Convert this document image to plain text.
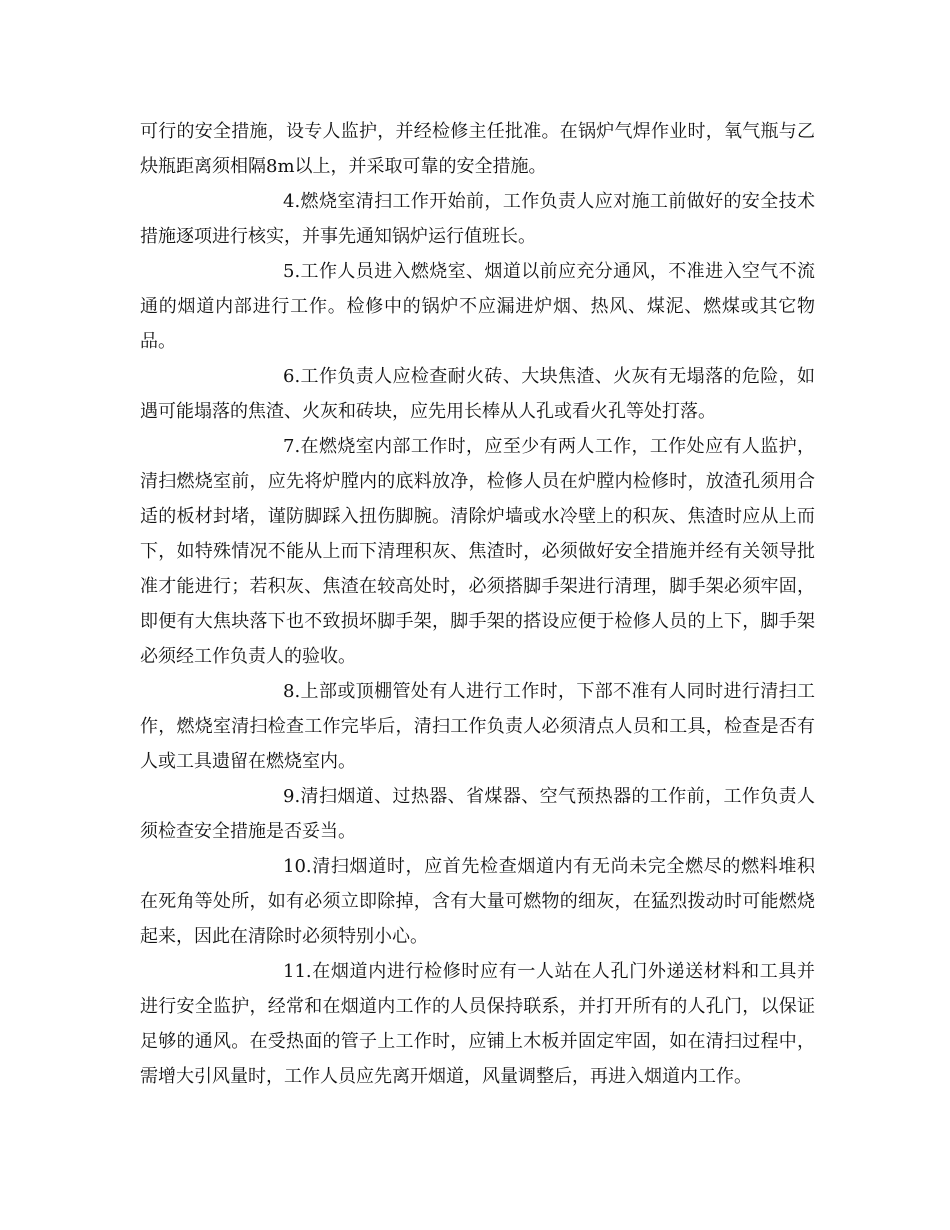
可行的安全措施，设专人监护，并经检修主任批准。在锅炉气焊作业时，氧气瓶与乙炔瓶距离须相隔8m以上，并采取可靠的安全措施。

4.燃烧室清扫工作开始前，工作负责人应对施工前做好的安全技术措施逐项进行核实，并事先通知锅炉运行值班长。

5.工作人员进入燃烧室、烟道以前应充分通风，不准进入空气不流通的烟道内部进行工作。检修中的锅炉不应漏进炉烟、热风、煤泥、燃煤或其它物品。

6.工作负责人应检查耐火砖、大块焦渣、火灰有无塌落的危险，如遇可能塌落的焦渣、火灰和砖块，应先用长棒从人孔或看火孔等处打落。

7.在燃烧室内部工作时，应至少有两人工作，工作处应有人监护，清扫燃烧室前，应先将炉膛内的底料放净，检修人员在炉膛内检修时，放渣孔须用合适的板材封堵，谨防脚踩入扭伤脚腕。清除炉墙或水冷壁上的积灰、焦渣时应从上而下，如特殊情况不能从上而下清理积灰、焦渣时，必须做好安全措施并经有关领导批准才能进行；若积灰、焦渣在较高处时，必须搭脚手架进行清理，脚手架必须牢固，即便有大焦块落下也不致损坏脚手架，脚手架的搭设应便于检修人员的上下，脚手架必须经工作负责人的验收。

8.上部或顶棚管处有人进行工作时，下部不准有人同时进行清扫工作，燃烧室清扫检查工作完毕后，清扫工作负责人必须清点人员和工具，检查是否有人或工具遗留在燃烧室内。

9.清扫烟道、过热器、省煤器、空气预热器的工作前，工作负责人须检查安全措施是否妥当。

10.清扫烟道时，应首先检查烟道内有无尚未完全燃尽的燃料堆积在死角等处所，如有必须立即除掉，含有大量可燃物的细灰，在猛烈拨动时可能燃烧起来，因此在清除时必须特别小心。

11.在烟道内进行检修时应有一人站在人孔门外递送材料和工具并进行安全监护，经常和在烟道内工作的人员保持联系，并打开所有的人孔门，以保证足够的通风。在受热面的管子上工作时，应铺上木板并固定牢固，如在清扫过程中，需增大引风量时，工作人员应先离开烟道，风量调整后，再进入烟道内工作。
